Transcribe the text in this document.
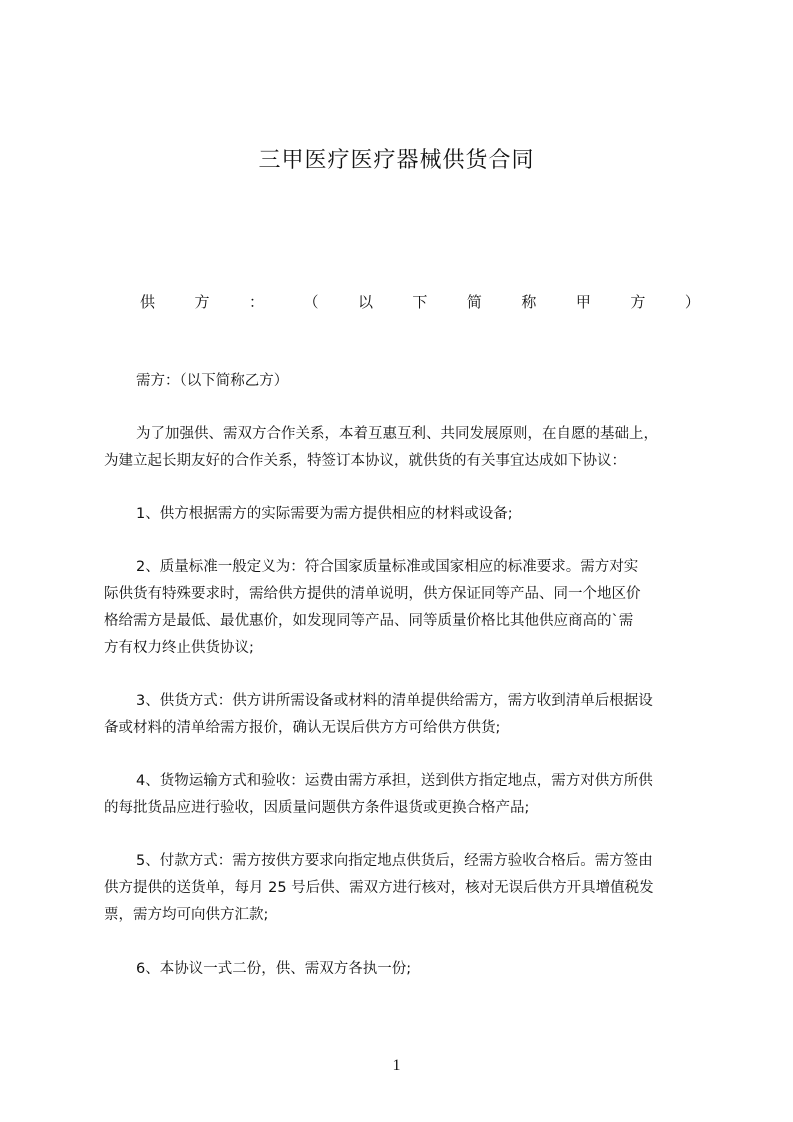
三甲医疗医疗器械供货合同
供	方	：	（	以	下	简	称	甲	方	）
需方：（以下简称乙方）
为了加强供、需双方合作关系，本着互惠互利、共同发展原则，在自愿的基础上，
为建立起长期友好的合作关系，特签订本协议，就供货的有关事宜达成如下协议：
1、供方根据需方的实际需要为需方提供相应的材料或设备;
2、质量标准一般定义为：符合国家质量标准或国家相应的标准要求。需方对实
际供货有特殊要求时，需给供方提供的清单说明，供方保证同等产品、同一个地区价
格给需方是最低、最优惠价，如发现同等产品、同等质量价格比其他供应商高的`需
方有权力终止供货协议;
3、供货方式：供方讲所需设备或材料的清单提供给需方，需方收到清单后根据设
备或材料的清单给需方报价，确认无误后供方方可给供方供货;
4、货物运输方式和验收：运费由需方承担，送到供方指定地点，需方对供方所供
的每批货品应进行验收，因质量问题供方条件退货或更换合格产品;
5、付款方式：需方按供方要求向指定地点供货后，经需方验收合格后。需方签由
供方提供的送货单，每月 25 号后供、需双方进行核对，核对无误后供方开具增值税发
票，需方均可向供方汇款;
6、本协议一式二份，供、需双方各执一份;
1
